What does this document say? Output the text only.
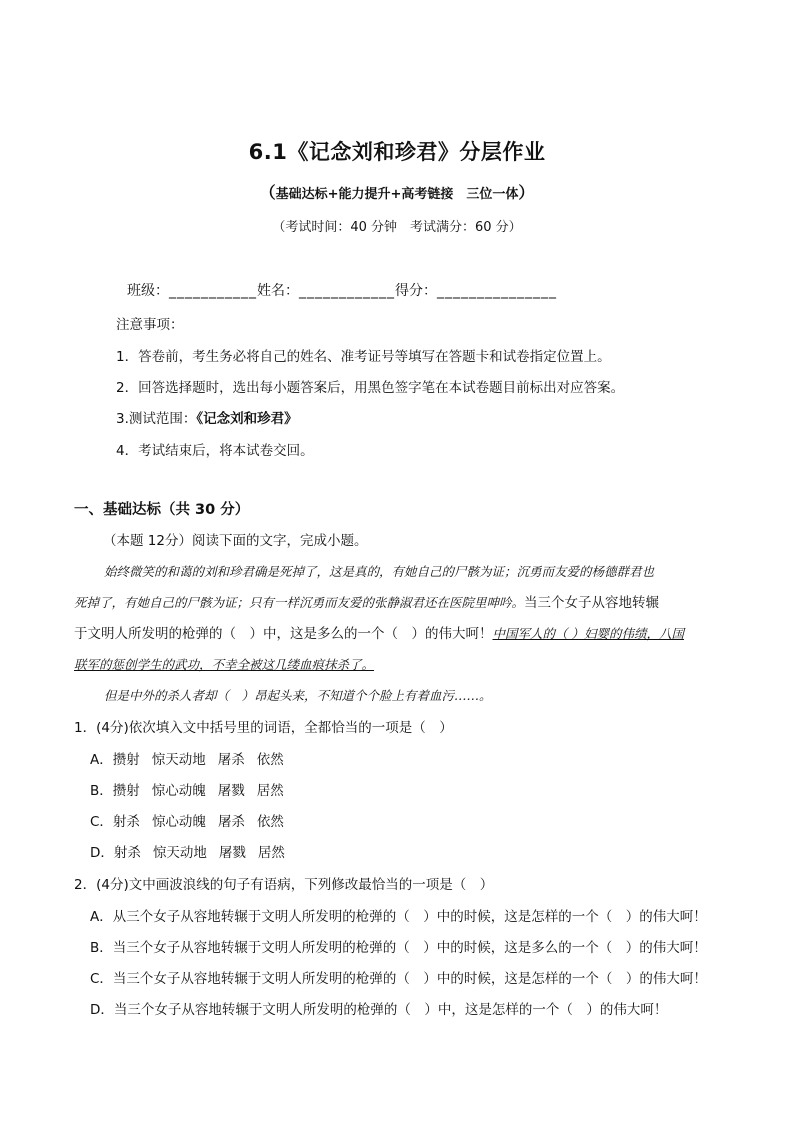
6.1《记念刘和珍君》分层作业
（基础达标+能力提升+高考链接　三位一体）
（考试时间：40 分钟　考试满分：60 分）
班级：___________姓名：____________得分：_______________
注意事项：
1．答卷前，考生务必将自己的姓名、准考证号等填写在答题卡和试卷指定位置上。
2．回答选择题时，选出每小题答案后，用黑色签字笔在本试卷题目前标出对应答案。
3.测试范围：《记念刘和珍君》
4．考试结束后，将本试卷交回。
一、基础达标（共 30 分）
（本题 12分）阅读下面的文字，完成小题。
始终微笑的和蔼的刘和珍君确是死掉了，这是真的，有她自己的尸骸为证；沉勇而友爱的杨德群君也
死掉了，有她自己的尸骸为证；只有一样沉勇而友爱的张静淑君还在医院里呻吟。当三个女子从容地转辗
于文明人所发明的枪弹的（　）中，这是多么的一个（　）的伟大呵！中国军人的（ ）妇婴的伟绩，八国
联军的惩创学生的武功，不幸全被这几缕血痕抹杀了。
但是中外的杀人者却（　）昂起头来，不知道个个脸上有着血污……。
1．(4分)依次填入文中括号里的词语，全都恰当的一项是（　）
A．攒射 惊天动地 屠杀 依然
B．攒射 惊心动魄 屠戮 居然
C．射杀 惊心动魄 屠杀 依然
D．射杀 惊天动地 屠戮 居然
2．(4分)文中画波浪线的句子有语病，下列修改最恰当的一项是（　）
A．从三个女子从容地转辗于文明人所发明的枪弹的（　）中的时候，这是怎样的一个（　）的伟大呵！
B．当三个女子从容地转辗于文明人所发明的枪弹的（　）中的时候，这是多么的一个（　）的伟大呵！
C．当三个女子从容地转辗于文明人所发明的枪弹的（　）中的时候，这是怎样的一个（　）的伟大呵！
D．当三个女子从容地转辗于文明人所发明的枪弹的（　）中，这是怎样的一个（　）的伟大呵！
